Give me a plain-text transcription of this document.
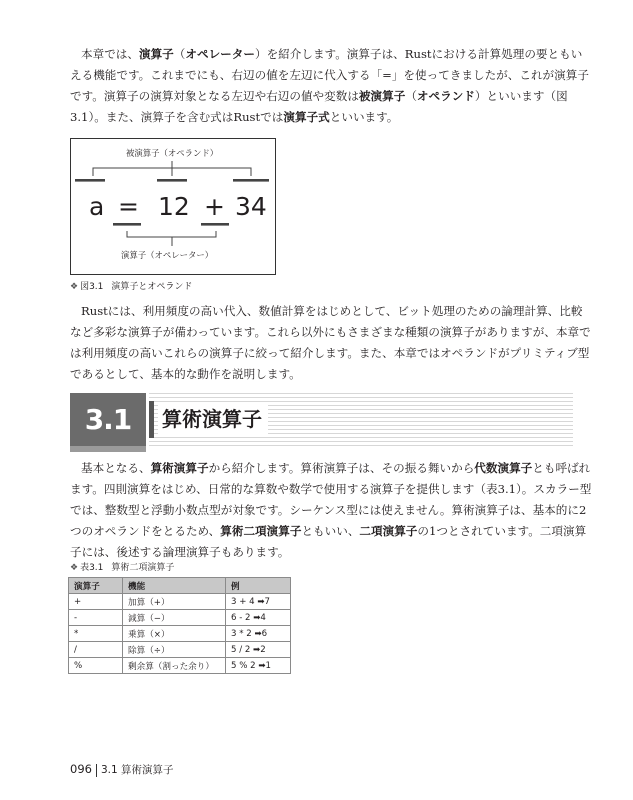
本章では、演算子（オペレーター）を紹介します。演算子は、Rustにおける計算処理の要ともい
える機能です。これまでにも、右辺の値を左辺に代入する「=」を使ってきましたが、これが演算子
です。演算子の演算対象となる左辺や右辺の値や変数は被演算子（オペランド）といいます（図
3.1）。また、演算子を含む式はRustでは演算子式といいます。
被演算子（オペランド）
a = 12 + 34
演算子（オペレーター）
❖ 図3.1 演算子とオペランド
Rustには、利用頻度の高い代入、数値計算をはじめとして、ビット処理のための論理計算、比較
など多彩な演算子が備わっています。これら以外にもさまざまな種類の演算子がありますが、本章で
は利用頻度の高いこれらの演算子に絞って紹介します。また、本章ではオペランドがプリミティブ型
であるとして、基本的な動作を説明します。
3.1	算術演算子
基本となる、算術演算子から紹介します。算術演算子は、その振る舞いから代数演算子とも呼ばれ
ます。四則演算をはじめ、日常的な算数や数学で使用する演算子を提供します（表3.1）。スカラー型
では、整数型と浮動小数点型が対象です。シーケンス型には使えません。算術演算子は、基本的に2
つのオペランドをとるため、算術二項演算子ともいい、二項演算子の1つとされています。二項演算
子には、後述する論理演算子もあります。
❖ 表3.1 算術二項演算子
演算子	機能	例
+	加算（+）	3 + 4 ➡7
-	減算（−）	6 - 2 ➡4
*	乗算（×）	3 * 2 ➡6
/	除算（÷）	5 / 2 ➡2
%	剰余算（割った余り）	5 % 2 ➡1
096 3.1 算術演算子
